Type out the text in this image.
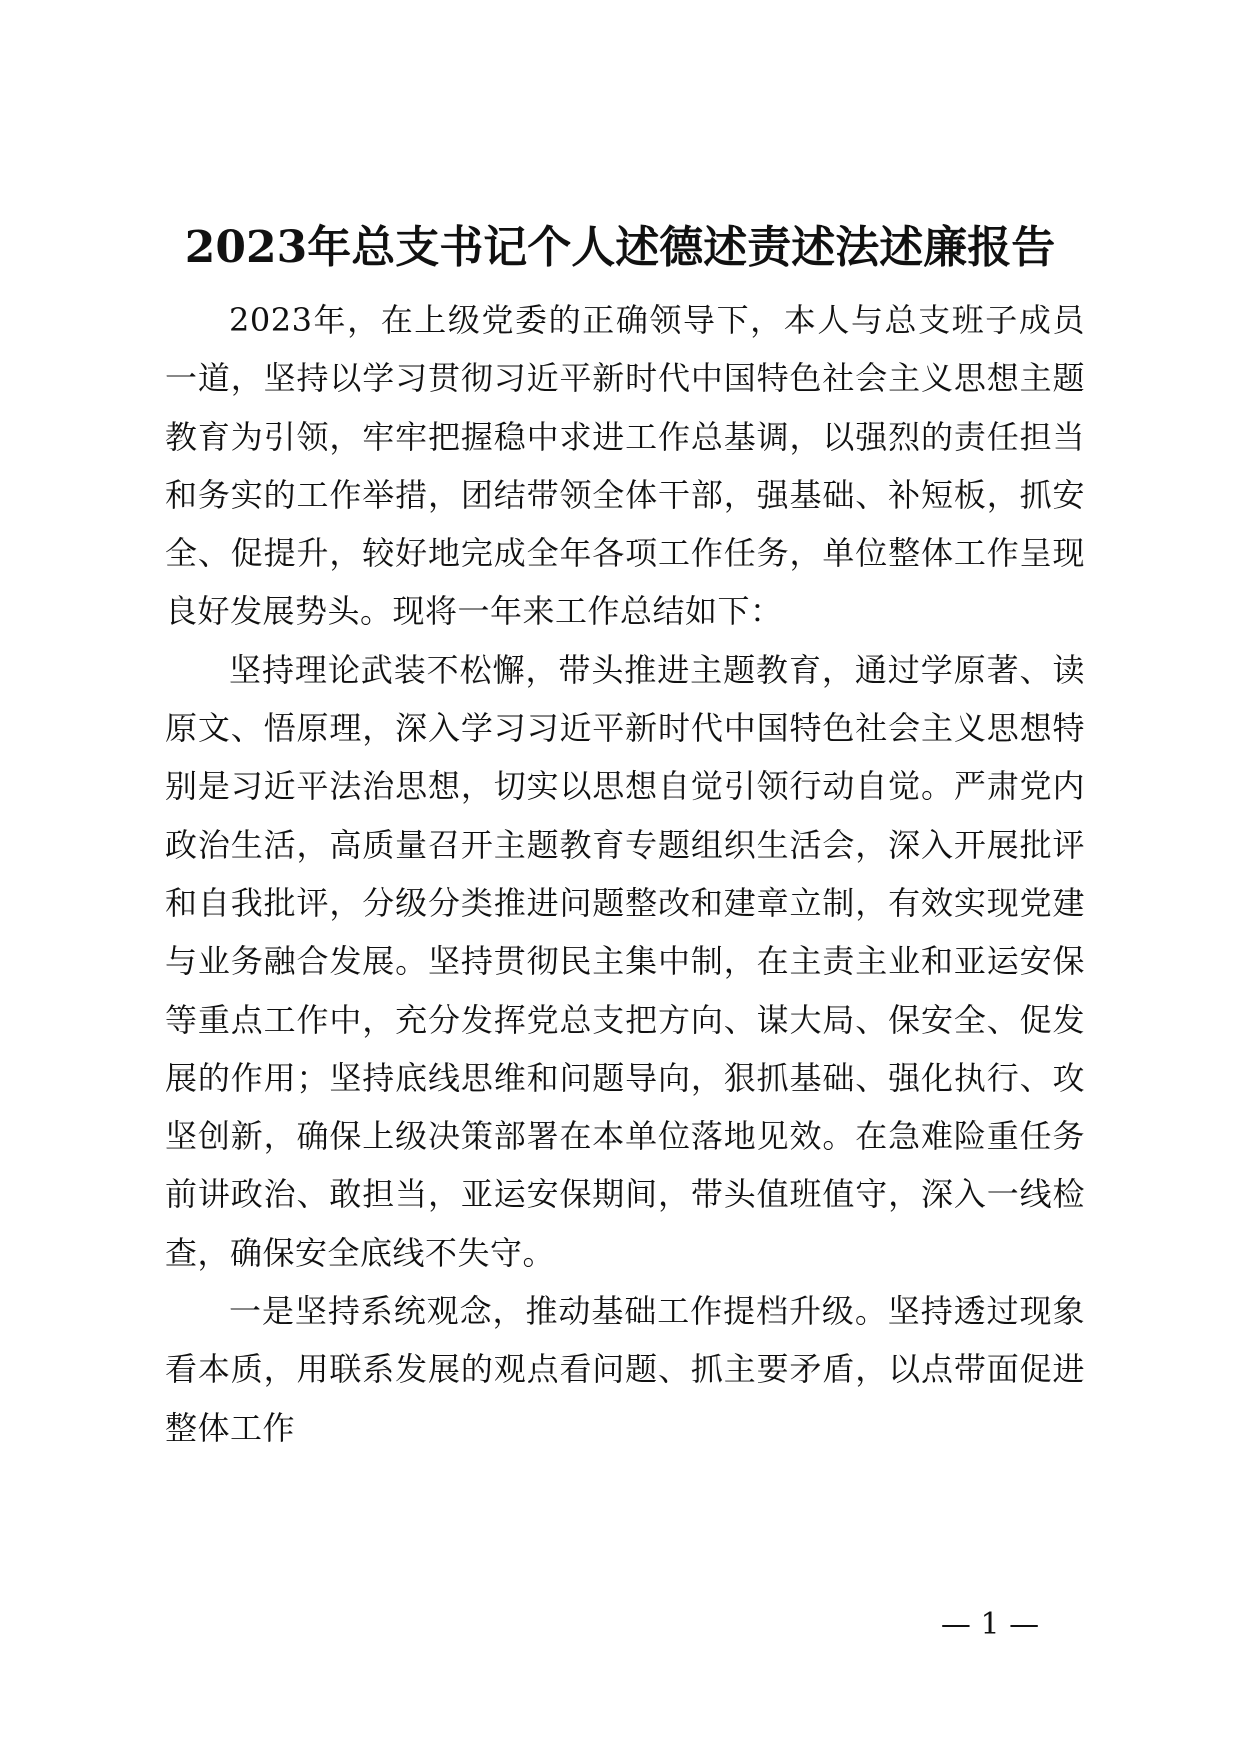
2023年总支书记个人述德述责述法述廉报告

2023年，在上级党委的正确领导下，本人与总支班子成员一道，坚持以学习贯彻习近平新时代中国特色社会主义思想主题教育为引领，牢牢把握稳中求进工作总基调，以强烈的责任担当和务实的工作举措，团结带领全体干部，强基础、补短板，抓安全、促提升，较好地完成全年各项工作任务，单位整体工作呈现良好发展势头。现将一年来工作总结如下：

坚持理论武装不松懈，带头推进主题教育，通过学原著、读原文、悟原理，深入学习习近平新时代中国特色社会主义思想特别是习近平法治思想，切实以思想自觉引领行动自觉。严肃党内政治生活，高质量召开主题教育专题组织生活会，深入开展批评和自我批评，分级分类推进问题整改和建章立制，有效实现党建与业务融合发展。坚持贯彻民主集中制，在主责主业和亚运安保等重点工作中，充分发挥党总支把方向、谋大局、保安全、促发展的作用；坚持底线思维和问题导向，狠抓基础、强化执行、攻坚创新，确保上级决策部署在本单位落地见效。在急难险重任务前讲政治、敢担当，亚运安保期间，带头值班值守，深入一线检查，确保安全底线不失守。

一是坚持系统观念，推动基础工作提档升级。坚持透过现象看本质，用联系发展的观点看问题、抓主要矛盾，以点带面促进整体工作

— 1 —
